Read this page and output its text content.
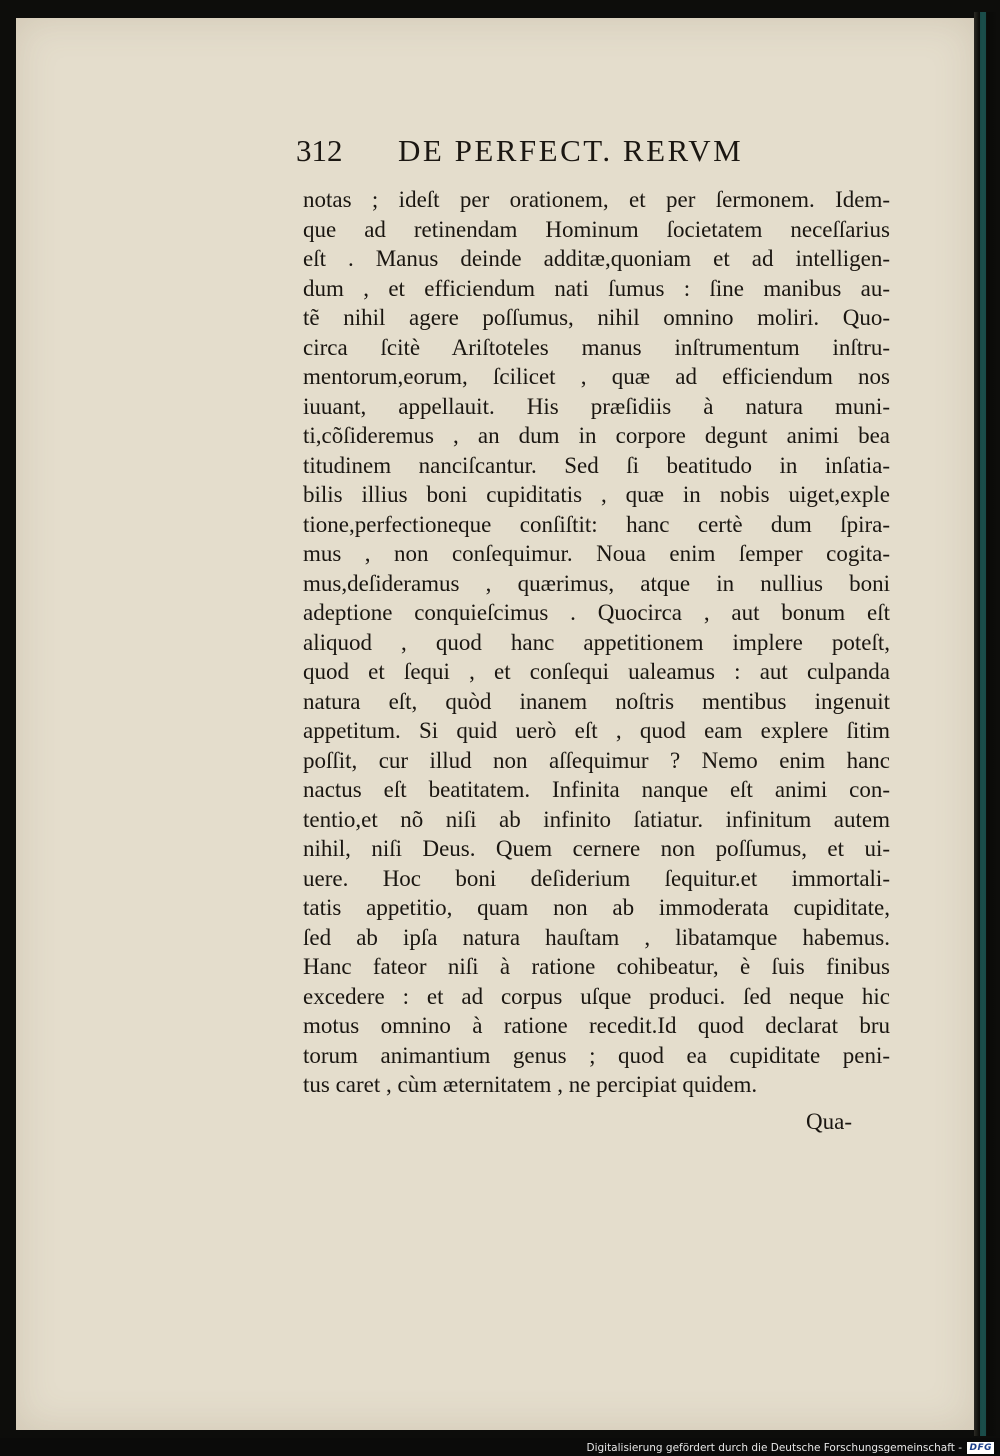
312 DE PERFECT. RERVM
notas ; ideſt per orationem, et per ſermonem. Idem-
que ad retinendam Hominum ſocietatem neceſſarius
eſt . Manus deinde additæ,quoniam et ad intelligen-
dum , et efficiendum nati ſumus : ſine manibus au-
tẽ nihil agere poſſumus, nihil omnino moliri. Quo-
circa ſcitè Ariſtoteles manus inſtrumentum inſtru-
mentorum,eorum, ſcilicet , quæ ad efficiendum nos
iuuant, appellauit. His præſidiis à natura muni-
ti,cõſideremus , an dum in corpore degunt animi bea
titudinem nanciſcantur. Sed ſi beatitudo in inſatia-
bilis illius boni cupiditatis , quæ in nobis uiget,exple
tione,perfectioneque conſiſtit: hanc certè dum ſpira-
mus , non conſequimur. Noua enim ſemper cogita-
mus,deſideramus , quærimus, atque in nullius boni
adeptione conquieſcimus . Quocirca , aut bonum eſt
aliquod , quod hanc appetitionem implere poteſt,
quod et ſequi , et conſequi ualeamus : aut culpanda
natura eſt, quòd inanem noſtris mentibus ingenuit
appetitum. Si quid uerò eſt , quod eam explere ſitim
poſſit, cur illud non aſſequimur ? Nemo enim hanc
nactus eſt beatitatem. Infinita nanque eſt animi con-
tentio,et nõ niſi ab infinito ſatiatur. infinitum autem
nihil, niſi Deus. Quem cernere non poſſumus, et ui-
uere. Hoc boni deſiderium ſequitur.et immortali-
tatis appetitio, quam non ab immoderata cupiditate,
ſed ab ipſa natura hauſtam , libatamque habemus.
Hanc fateor niſi à ratione cohibeatur, è ſuis finibus
excedere : et ad corpus uſque produci. ſed neque hic
motus omnino à ratione recedit.Id quod declarat bru
torum animantium genus ; quod ea cupiditate peni-
tus caret , cùm æternitatem , ne percipiat quidem.
Qua-
Digitalisierung gefördert durch die Deutsche Forschungsgemeinschaft - DFG
